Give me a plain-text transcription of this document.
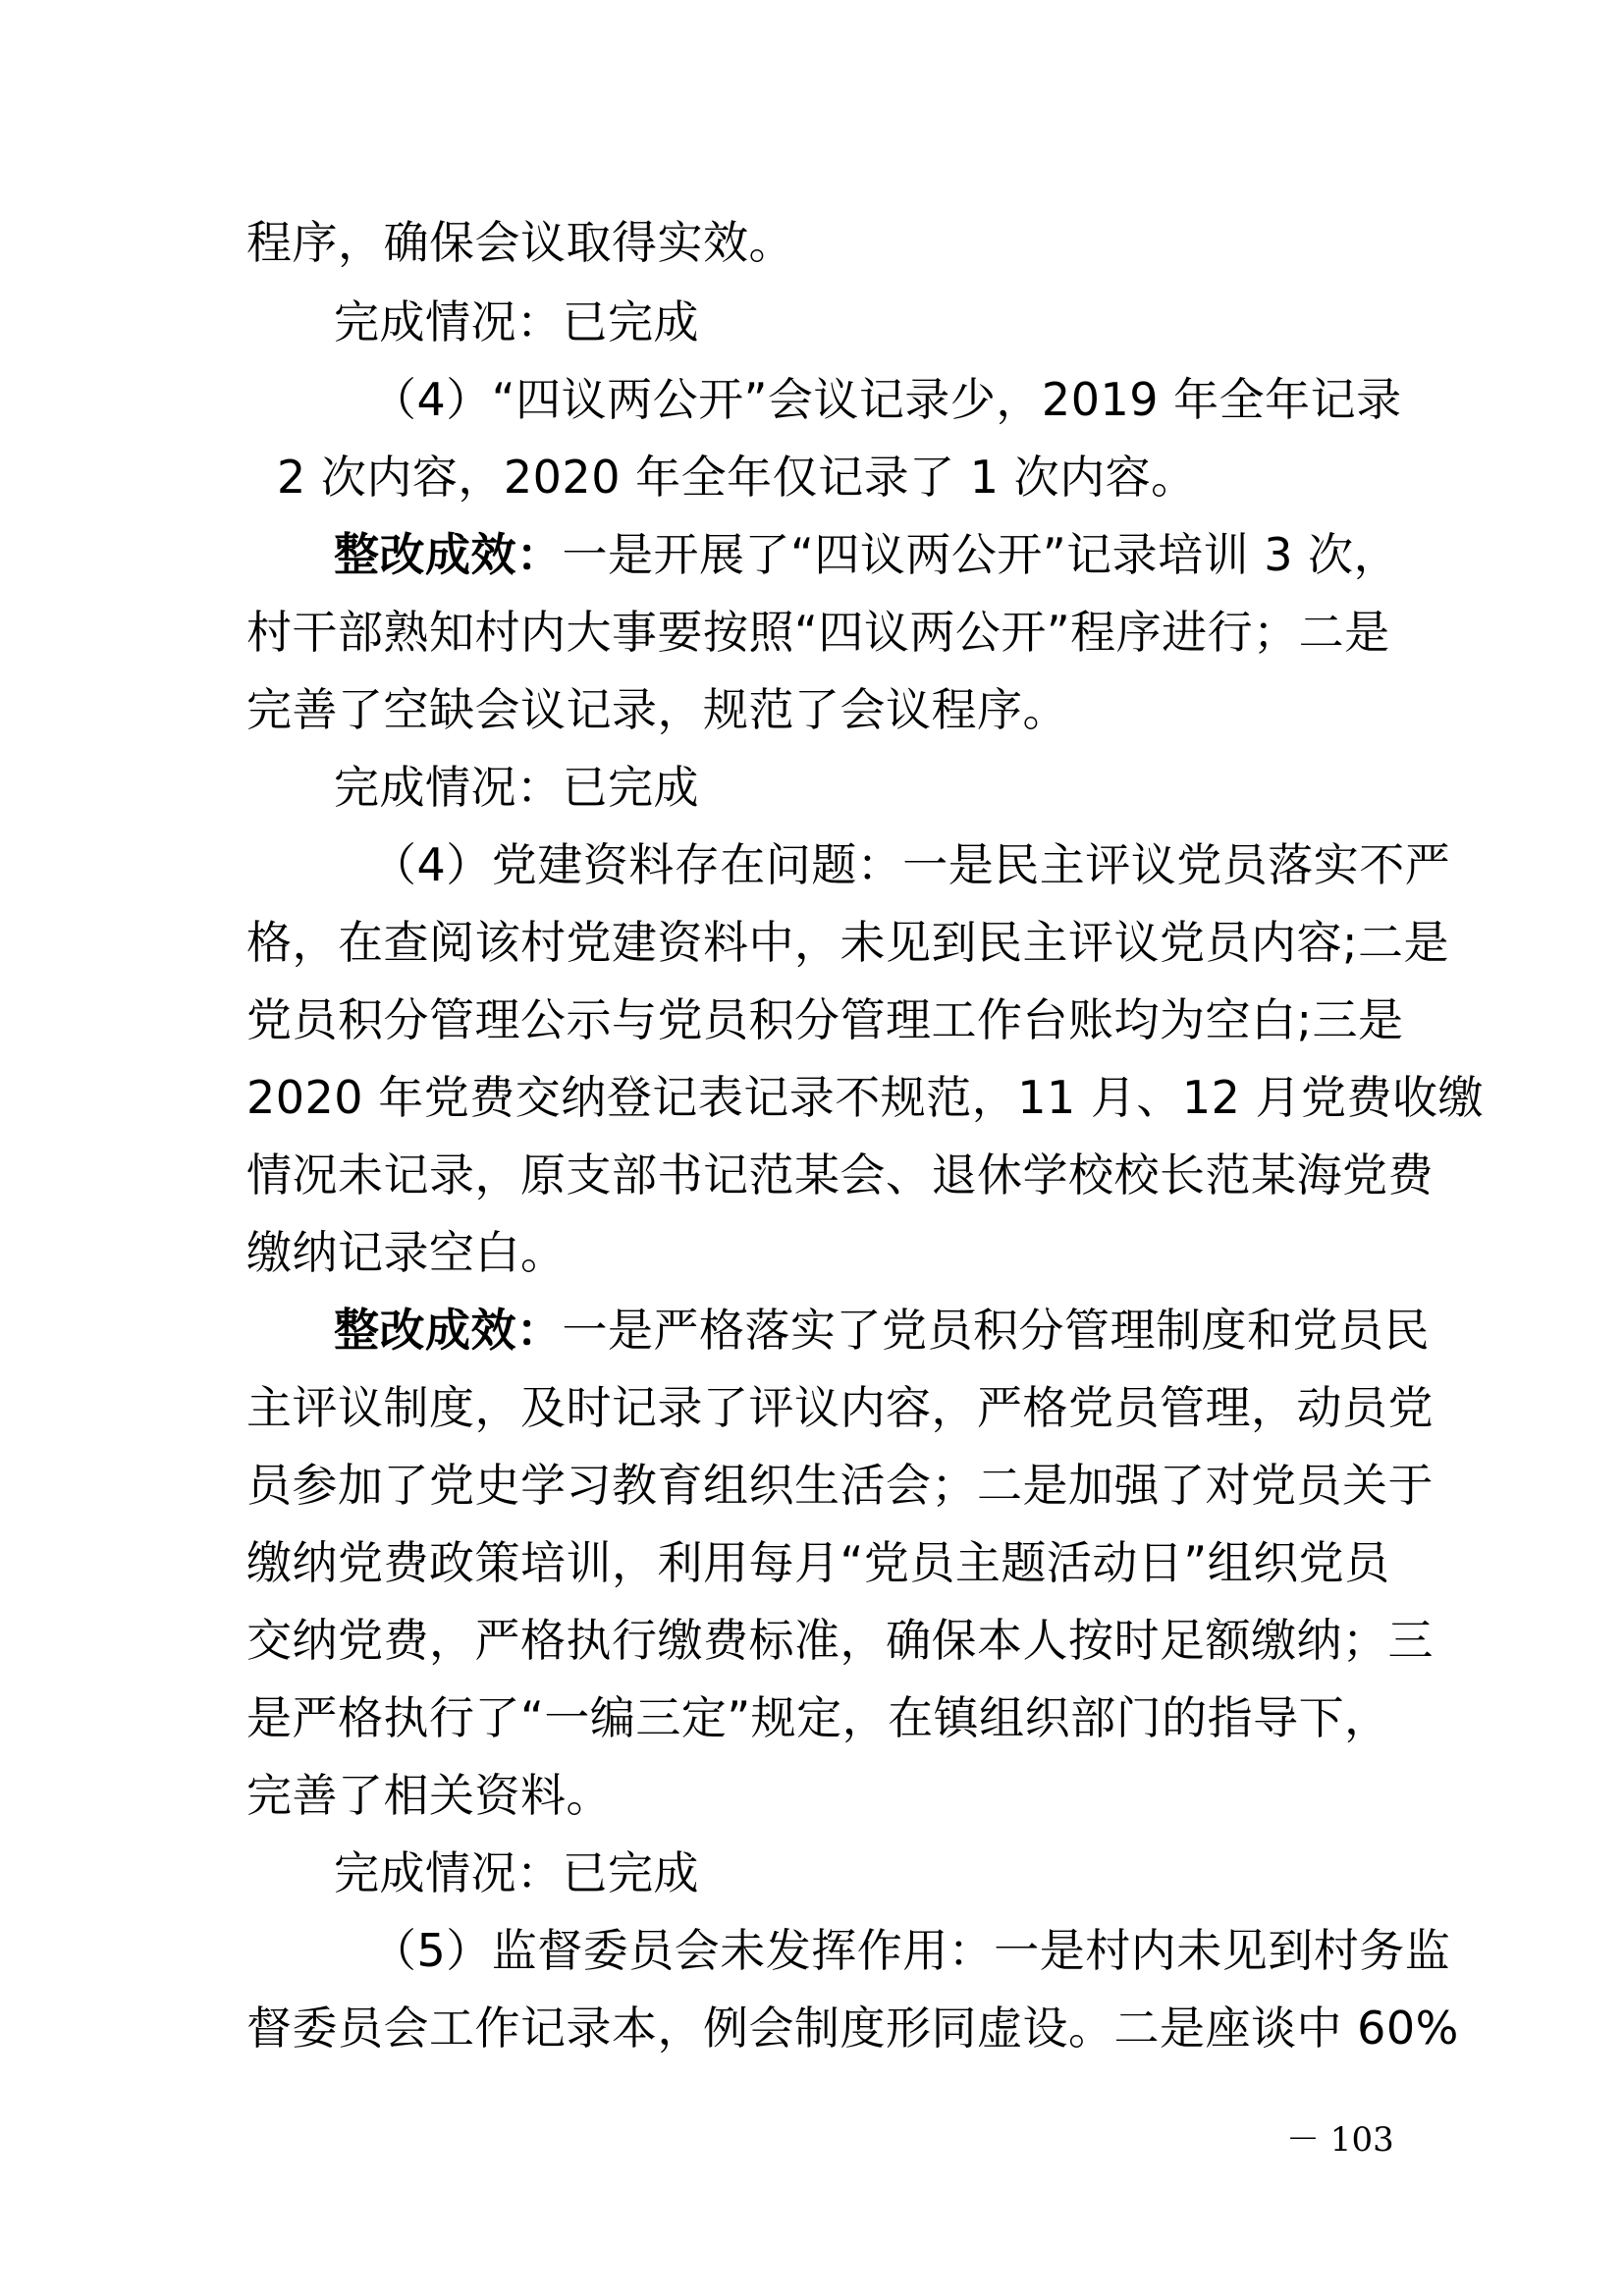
程序，确保会议取得实效。
完成情况：已完成
（4）“四议两公开”会议记录少，2019 年全年记录
2 次内容，2020 年全年仅记录了 1 次内容。
整改成效：一是开展了“四议两公开”记录培训 3 次，
村干部熟知村内大事要按照“四议两公开”程序进行；二是
完善了空缺会议记录，规范了会议程序。
完成情况：已完成
（4）党建资料存在问题：一是民主评议党员落实不严
格，在查阅该村党建资料中，未见到民主评议党员内容;二是
党员积分管理公示与党员积分管理工作台账均为空白;三是
2020 年党费交纳登记表记录不规范，11 月、12 月党费收缴
情况未记录，原支部书记范某会、退休学校校长范某海党费
缴纳记录空白。
整改成效：一是严格落实了党员积分管理制度和党员民
主评议制度，及时记录了评议内容，严格党员管理，动员党
员参加了党史学习教育组织生活会；二是加强了对党员关于
缴纳党费政策培训，利用每月“党员主题活动日”组织党员
交纳党费，严格执行缴费标准，确保本人按时足额缴纳；三
是严格执行了“一编三定”规定，在镇组织部门的指导下，
完善了相关资料。
完成情况：已完成
（5）监督委员会未发挥作用：一是村内未见到村务监
督委员会工作记录本，例会制度形同虚设。二是座谈中 60%
－ 103
